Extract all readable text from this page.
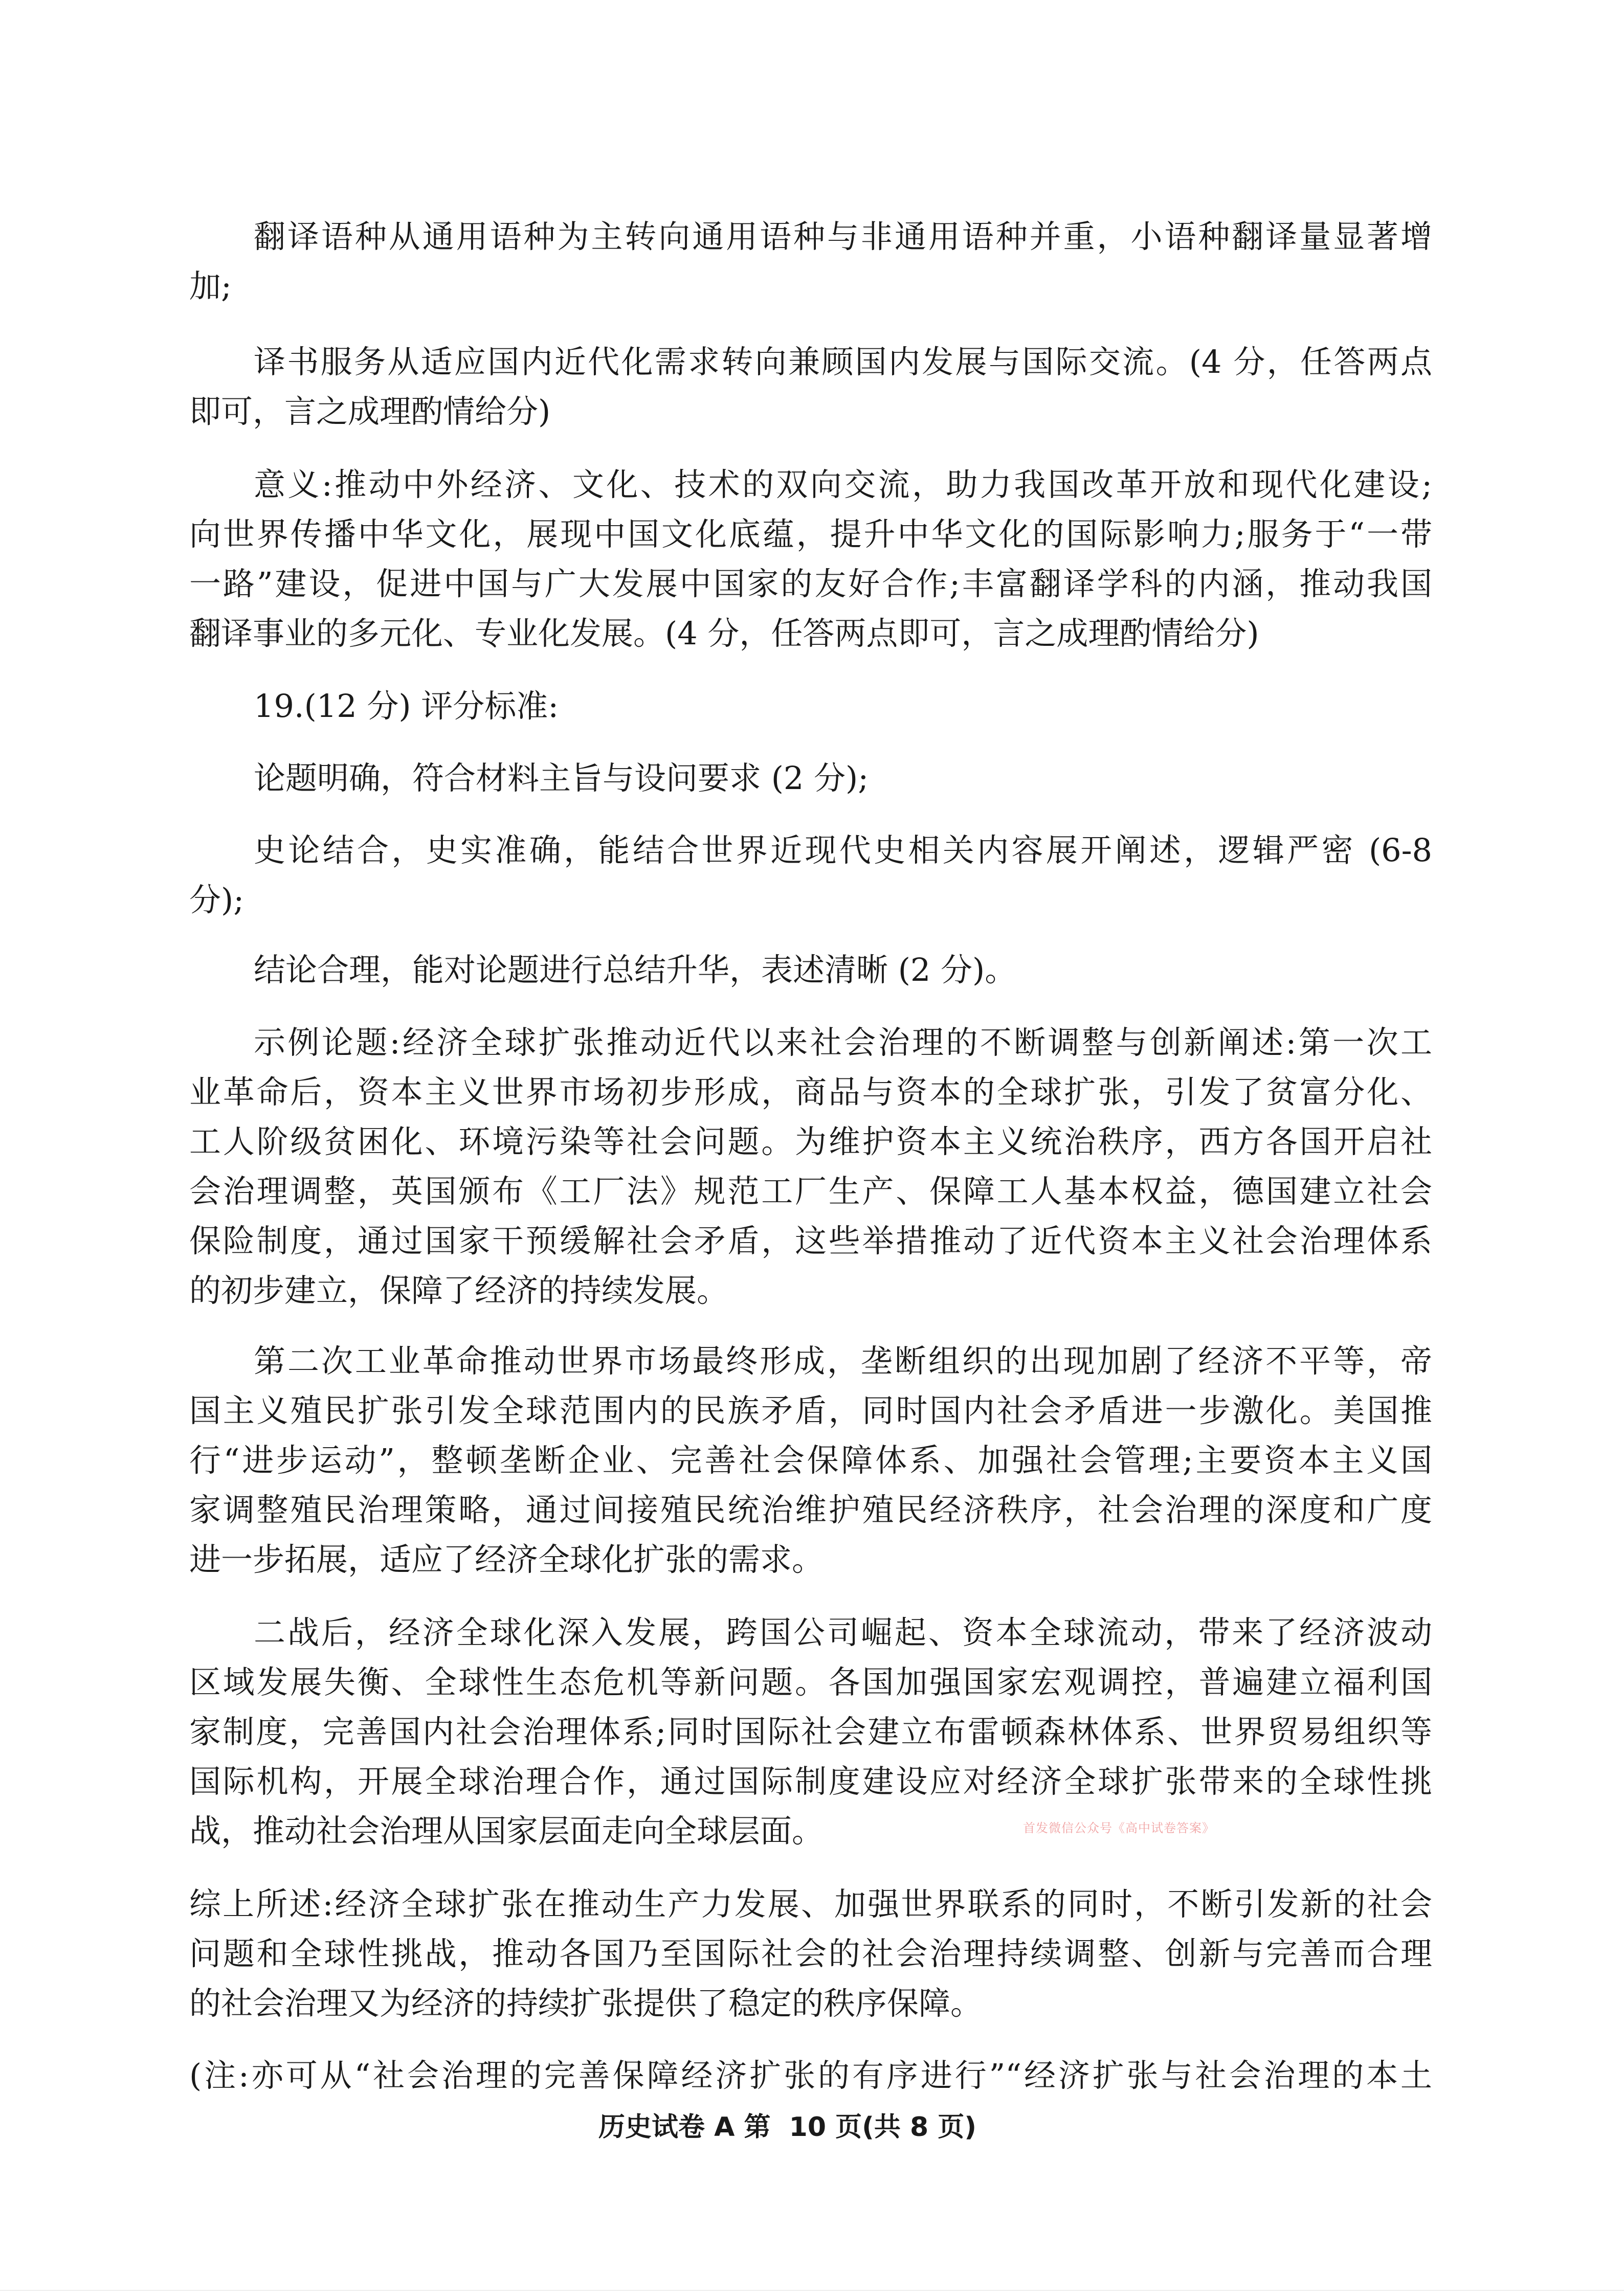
翻译语种从通用语种为主转向通用语种与非通用语种并重，小语种翻译量显著增
加;
译书服务从适应国内近代化需求转向兼顾国内发展与国际交流。(4 分，任答两点
即可，言之成理酌情给分)
意义:推动中外经济、文化、技术的双向交流，助力我国改革开放和现代化建设;
向世界传播中华文化，展现中国文化底蕴，提升中华文化的国际影响力;服务于“一带
一路”建设，促进中国与广大发展中国家的友好合作;丰富翻译学科的内涵，推动我国
翻译事业的多元化、专业化发展。(4 分，任答两点即可，言之成理酌情给分)
19.(12 分) 评分标准:
论题明确，符合材料主旨与设问要求 (2 分);
史论结合，史实准确，能结合世界近现代史相关内容展开阐述，逻辑严密 (6-8
分);
结论合理，能对论题进行总结升华，表述清晰 (2 分)。
示例论题:经济全球扩张推动近代以来社会治理的不断调整与创新阐述:第一次工
业革命后，资本主义世界市场初步形成，商品与资本的全球扩张，引发了贫富分化、
工人阶级贫困化、环境污染等社会问题。为维护资本主义统治秩序，西方各国开启社
会治理调整，英国颁布《工厂法》规范工厂生产、保障工人基本权益，德国建立社会
保险制度，通过国家干预缓解社会矛盾，这些举措推动了近代资本主义社会治理体系
的初步建立，保障了经济的持续发展。
第二次工业革命推动世界市场最终形成，垄断组织的出现加剧了经济不平等，帝
国主义殖民扩张引发全球范围内的民族矛盾，同时国内社会矛盾进一步激化。美国推
行“进步运动”，整顿垄断企业、完善社会保障体系、加强社会管理;主要资本主义国
家调整殖民治理策略，通过间接殖民统治维护殖民经济秩序，社会治理的深度和广度
进一步拓展，适应了经济全球化扩张的需求。
二战后，经济全球化深入发展，跨国公司崛起、资本全球流动，带来了经济波动
区域发展失衡、全球性生态危机等新问题。各国加强国家宏观调控，普遍建立福利国
家制度，完善国内社会治理体系;同时国际社会建立布雷顿森林体系、世界贸易组织等
国际机构，开展全球治理合作，通过国际制度建设应对经济全球扩张带来的全球性挑
战，推动社会治理从国家层面走向全球层面。
综上所述:经济全球扩张在推动生产力发展、加强世界联系的同时，不断引发新的社会
问题和全球性挑战，推动各国乃至国际社会的社会治理持续调整、创新与完善而合理
的社会治理又为经济的持续扩张提供了稳定的秩序保障。
(注:亦可从“社会治理的完善保障经济扩张的有序进行”“经济扩张与社会治理的本土
首发微信公众号《高中试卷答案》
历史试卷 A 第  10 页(共 8 页)
